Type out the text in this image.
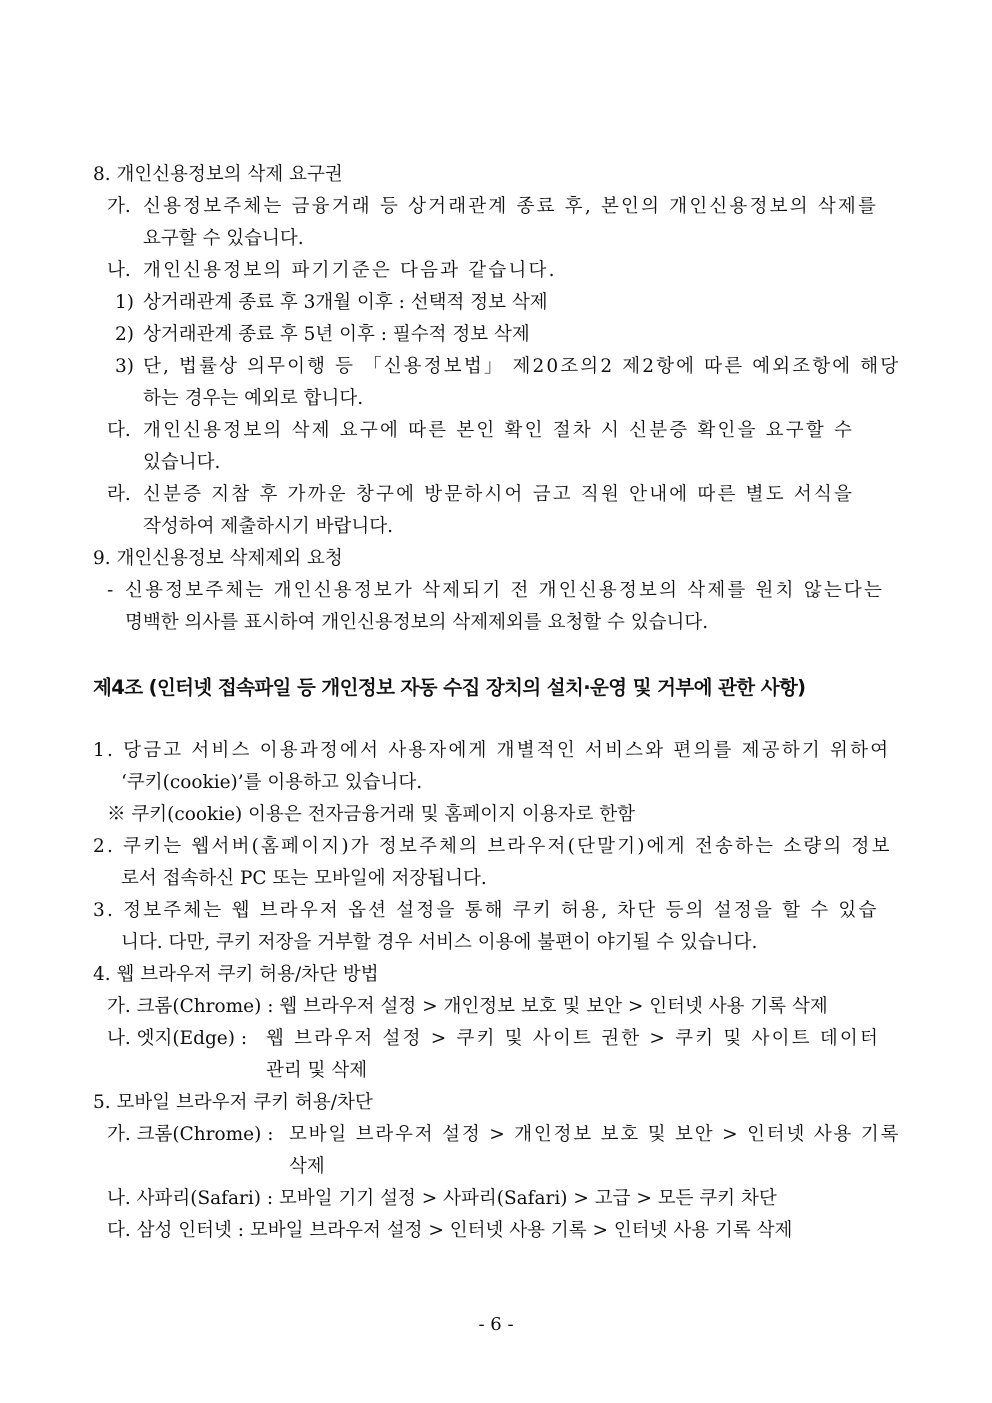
8. 개인신용정보의 삭제 요구권
가. 신용정보주체는 금융거래 등 상거래관계 종료 후, 본인의 개인신용정보의 삭제를
요구할 수 있습니다.
나. 개인신용정보의 파기기준은 다음과 같습니다.
1) 상거래관계 종료 후 3개월 이후 : 선택적 정보 삭제
2) 상거래관계 종료 후 5년 이후 : 필수적 정보 삭제
3) 단, 법률상 의무이행 등 「신용정보법」 제20조의2 제2항에 따른 예외조항에 해당
하는 경우는 예외로 합니다.
다. 개인신용정보의 삭제 요구에 따른 본인 확인 절차 시 신분증 확인을 요구할 수
있습니다.
라. 신분증 지참 후 가까운 창구에 방문하시어 금고 직원 안내에 따른 별도 서식을
작성하여 제출하시기 바랍니다.
9. 개인신용정보 삭제제외 요청
- 신용정보주체는 개인신용정보가 삭제되기 전 개인신용정보의 삭제를 원치 않는다는
명백한 의사를 표시하여 개인신용정보의 삭제제외를 요청할 수 있습니다.
제4조 (인터넷 접속파일 등 개인정보 자동 수집 장치의 설치·운영 및 거부에 관한 사항)
1. 당금고 서비스 이용과정에서 사용자에게 개별적인 서비스와 편의를 제공하기 위하여
‘쿠키(cookie)’를 이용하고 있습니다.
※ 쿠키(cookie) 이용은 전자금융거래 및 홈페이지 이용자로 한함
2. 쿠키는 웹서버(홈페이지)가 정보주체의 브라우저(단말기)에게 전송하는 소량의 정보
로서 접속하신 PC 또는 모바일에 저장됩니다.
3. 정보주체는 웹 브라우저 옵션 설정을 통해 쿠키 허용, 차단 등의 설정을 할 수 있습
니다. 다만, 쿠키 저장을 거부할 경우 서비스 이용에 불편이 야기될 수 있습니다.
4. 웹 브라우저 쿠키 허용/차단 방법
가. 크롬(Chrome) : 웹 브라우저 설정 > 개인정보 보호 및 보안 > 인터넷 사용 기록 삭제
나. 엣지(Edge) : 웹 브라우저 설정 > 쿠키 및 사이트 권한 > 쿠키 및 사이트 데이터
관리 및 삭제
5. 모바일 브라우저 쿠키 허용/차단
가. 크롬(Chrome) : 모바일 브라우저 설정 > 개인정보 보호 및 보안 > 인터넷 사용 기록
삭제
나. 사파리(Safari) : 모바일 기기 설정 > 사파리(Safari) > 고급 > 모든 쿠키 차단
다. 삼성 인터넷 : 모바일 브라우저 설정 > 인터넷 사용 기록 > 인터넷 사용 기록 삭제
- 6 -
